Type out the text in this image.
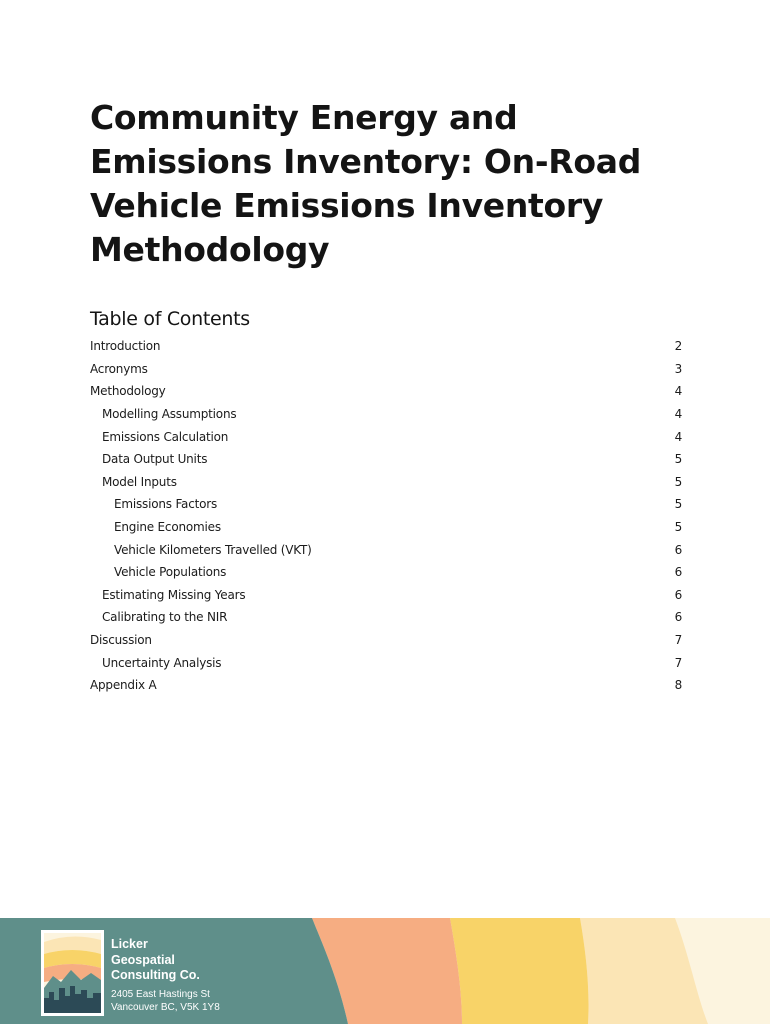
Community Energy and Emissions Inventory: On-Road Vehicle Emissions Inventory Methodology
Table of Contents
Introduction	2
Acronyms	3
Methodology	4
Modelling Assumptions	4
Emissions Calculation	4
Data Output Units	5
Model Inputs	5
Emissions Factors	5
Engine Economies	5
Vehicle Kilometers Travelled (VKT)	6
Vehicle Populations	6
Estimating Missing Years	6
Calibrating to the NIR	6
Discussion	7
Uncertainty Analysis	7
Appendix A	8
Licker
Geospatial
Consulting Co.
2405 East Hastings St
Vancouver BC, V5K 1Y8
